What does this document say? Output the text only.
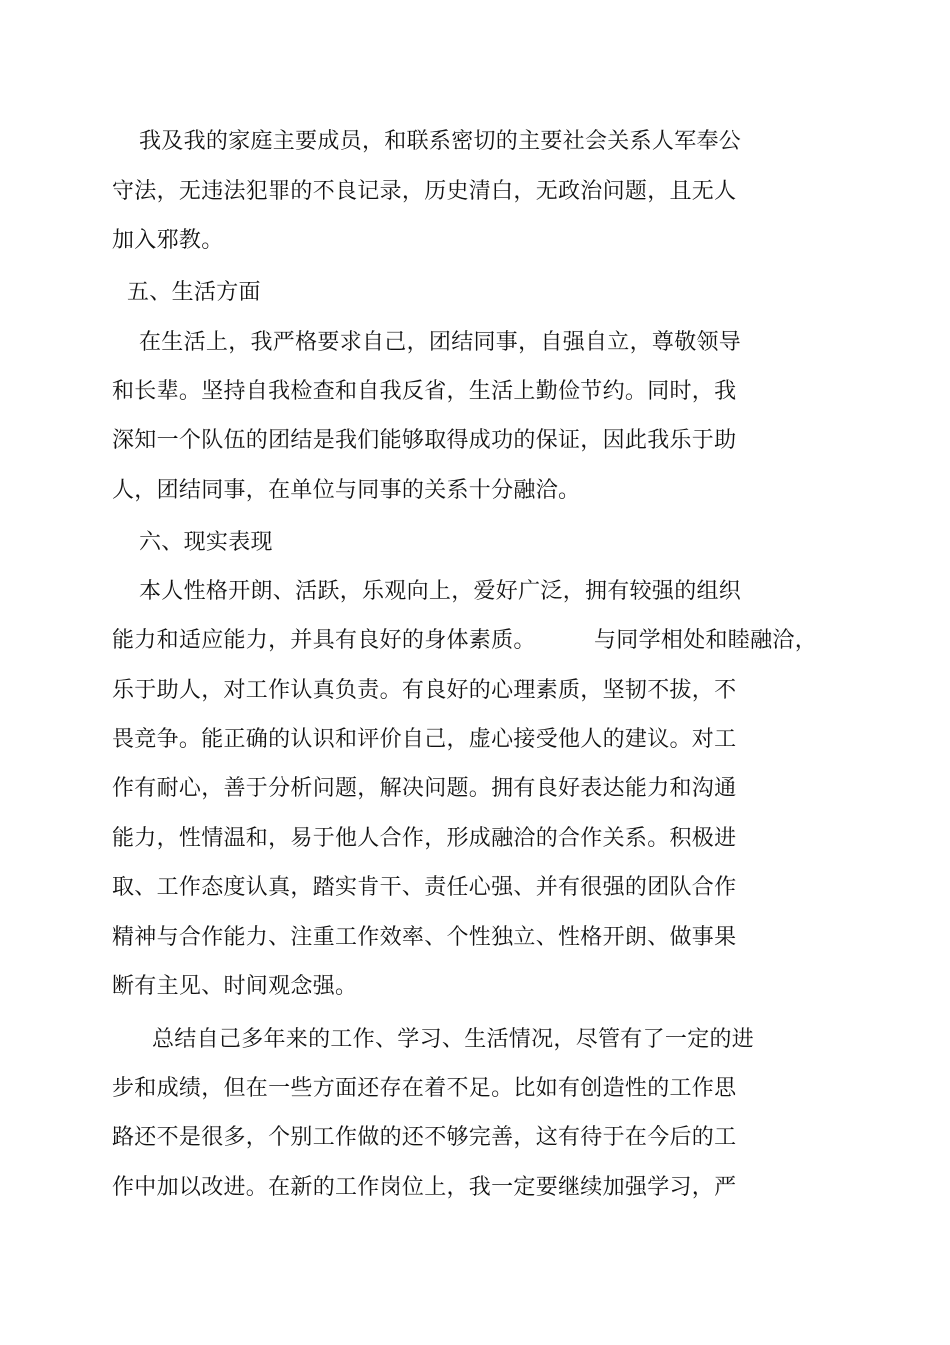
我及我的家庭主要成员，和联系密切的主要社会关系人军奉公
守法，无违法犯罪的不良记录，历史清白，无政治问题，且无人
加入邪教。
五、生活方面
在生活上，我严格要求自己，团结同事，自强自立，尊敬领导
和长辈。坚持自我检查和自我反省，生活上勤俭节约。同时，我
深知一个队伍的团结是我们能够取得成功的保证，因此我乐于助
人，团结同事，在单位与同事的关系十分融洽。
六、现实表现
本人性格开朗、活跃，乐观向上，爱好广泛，拥有较强的组织
能力和适应能力，并具有良好的身体素质。	与同学相处和睦融洽，
乐于助人，对工作认真负责。有良好的心理素质，坚韧不拔，不
畏竞争。能正确的认识和评价自己，虚心接受他人的建议。对工
作有耐心，善于分析问题，解决问题。拥有良好表达能力和沟通
能力，性情温和，易于他人合作，形成融洽的合作关系。积极进
取、工作态度认真，踏实肯干、责任心强、并有很强的团队合作
精神与合作能力、注重工作效率、个性独立、性格开朗、做事果
断有主见、时间观念强。
总结自己多年来的工作、学习、生活情况，尽管有了一定的进
步和成绩，但在一些方面还存在着不足。比如有创造性的工作思
路还不是很多，个别工作做的还不够完善，这有待于在今后的工
作中加以改进。在新的工作岗位上，我一定要继续加强学习，严
